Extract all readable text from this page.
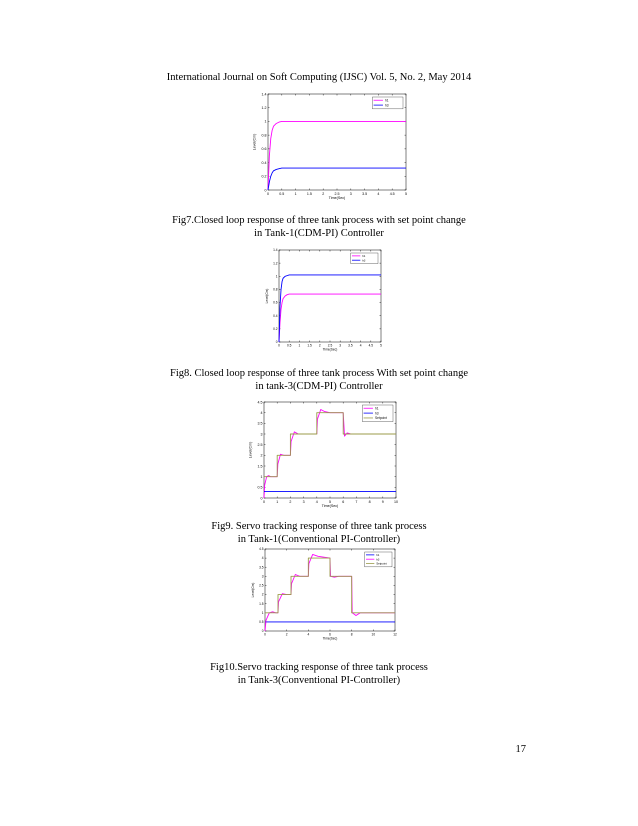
International Journal on Soft Computing (IJSC) Vol. 5, No. 2, May 2014
0	0.5	1	1.5	2	2.5	3	3.5	4	4.5	5
0
0.2
0.4
0.6
0.8
1
1.2
1.4
Time(Sec)
Level(Cm)
h1
h3
Fig7.Closed loop response of three tank process with set point change
in Tank-1(CDM-PI) Controller
0 0.5 1 1.5 2 2.5 3 3.5 4 4.5 5
0
0.2
0.4
0.6
0.8
1
1.2
1.4
Time(Sec)
Level(Cm)
h1
h3
Fig8. Closed loop response of three tank process With set point change
in tank-3(CDM-PI) Controller
0	1	2	3	4	5	6	7	8	9	10
0
0.5
1
1.5
2
2.5
3
3.5
4
4.5
Time(Sec)
Level(Cm)
h1
h3
Setpoint
Fig9. Servo tracking response of three tank process
in Tank-1(Conventional PI-Controller)
0	2	4	6	8	10	12
0
0.5
1
1.5
2
2.5
3
3.5
4
4.5
Time(Sec)
Level(Cm)
h1
h3
Setpoint
Fig10.Servo tracking response of three tank process
in Tank-3(Conventional PI-Controller)
17
